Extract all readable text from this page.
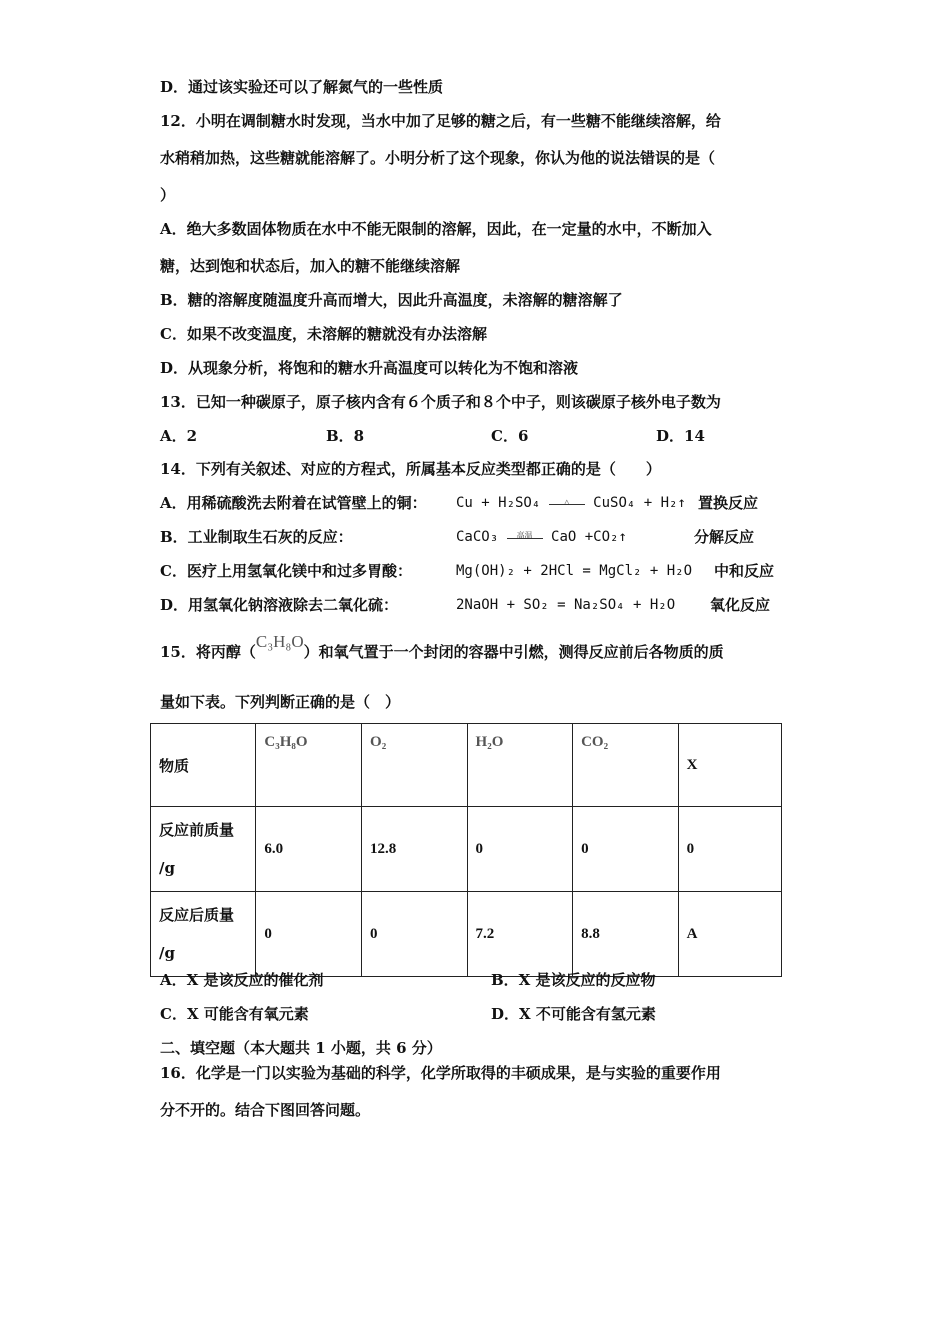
D．通过该实验还可以了解氮气的一些性质
12．小明在调制糖水时发现，当水中加了足够的糖之后，有一些糖不能继续溶解，给
水稍稍加热，这些糖就能溶解了。小明分析了这个现象，你认为他的说法错误的是（
）
A．绝大多数固体物质在水中不能无限制的溶解，因此，在一定量的水中，不断加入
糖，达到饱和状态后，加入的糖不能继续溶解
B．糖的溶解度随温度升高而增大，因此升高温度，未溶解的糖溶解了
C．如果不改变温度，未溶解的糖就没有办法溶解
D．从现象分析，将饱和的糖水升高温度可以转化为不饱和溶液
13．已知一种碳原子，原子核内含有６个质子和８个中子，则该碳原子核外电子数为
A．2	B．8	C．6	D．14
14．下列有关叙述、对应的方程式，所属基本反应类型都正确的是（　　）
A．用稀硫酸洗去附着在试管壁上的铜： Cu + H₂SO₄	△	CuSO₄ + H₂↑ 置换反应
B．工业制取生石灰的反应：	CaCO₃	高温	CaO +CO₂↑	分解反应
C．医疗上用氢氧化镁中和过多胃酸：	Mg(OH)₂ + 2HCl = MgCl₂ + H₂O 中和反应
D．用氢氧化钠溶液除去二氧化硫：	2NaOH + SO₂ = Na₂SO₄ + H₂O 氧化反应
15．将丙醇（C₃H₈O）和氧气置于一个封闭的容器中引燃，测得反应前后各物质的质
量如下表。下列判断正确的是（　）
物质	C₃H₈O	O₂	H₂O	CO₂	X

反应前质量
/g	6.0	12.8	0	0	0

反应后质量
/g	0	0	7.2	8.8	A
A．X 是该反应的催化剂	B．X 是该反应的反应物
C．X 可能含有氧元素	D．X 不可能含有氢元素
二、填空题（本大题共 1 小题，共 6 分）
16．化学是一门以实验为基础的科学，化学所取得的丰硕成果，是与实验的重要作用
分不开的。结合下图回答问题。
